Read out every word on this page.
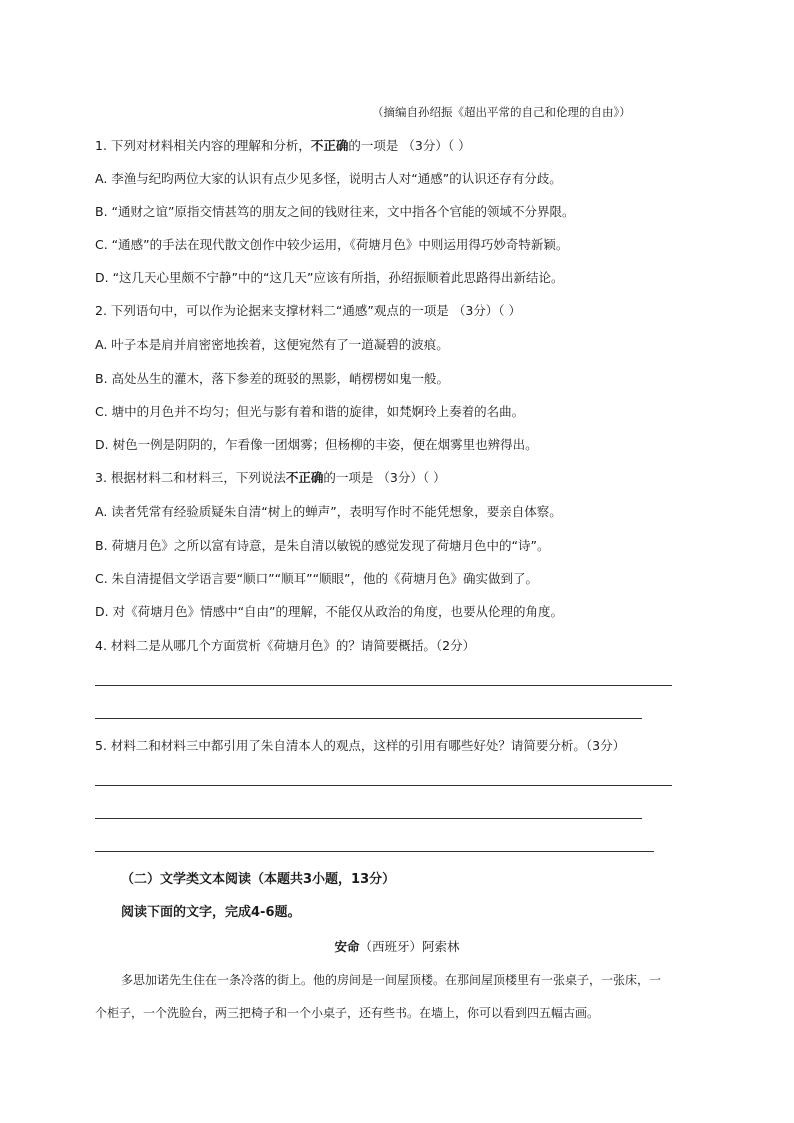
（摘编自孙绍振《超出平常的自己和伦理的自由》）
1. 下列对材料相关内容的理解和分析，不正确的一项是 （3分）（ ）
A. 李渔与纪昀两位大家的认识有点少见多怪，说明古人对“通感”的认识还存有分歧。
B. “通财之谊”原指交情甚笃的朋友之间的钱财往来，文中指各个官能的领域不分界限。
C. “通感”的手法在现代散文创作中较少运用，《荷塘月色》中则运用得巧妙奇特新颖。
D. “这几天心里颇不宁静”中的“这几天”应该有所指，孙绍振顺着此思路得出新结论。
2. 下列语句中，可以作为论据来支撑材料二“通感”观点的一项是 （3分）（ ）
A. 叶子本是肩并肩密密地挨着，这便宛然有了一道凝碧的波痕。
B. 高处丛生的灌木，落下参差的斑驳的黑影，峭楞楞如鬼一般。
C. 塘中的月色并不均匀；但光与影有着和谐的旋律，如梵婀玲上奏着的名曲。
D. 树色一例是阴阴的，乍看像一团烟雾；但杨柳的丰姿，便在烟雾里也辨得出。
3. 根据材料二和材料三，下列说法不正确的一项是 （3分）（ ）
A. 读者凭常有经验质疑朱自清“树上的蝉声”，表明写作时不能凭想象，要亲自体察。
B. 荷塘月色》之所以富有诗意，是朱自清以敏锐的感觉发现了荷塘月色中的“诗”。
C. 朱自清提倡文学语言要“顺口”“顺耳”“顺眼”，他的《荷塘月色》确实做到了。
D. 对《荷塘月色》情感中“自由”的理解，不能仅从政治的角度，也要从伦理的角度。
4. 材料二是从哪几个方面赏析《荷塘月色》的？请简要概括。（2分）
5. 材料二和材料三中都引用了朱自清本人的观点，这样的引用有哪些好处？请简要分析。（3分）
（二）文学类文本阅读（本题共3小题，13分）
阅读下面的文字，完成4-6题。
安命（西班牙）阿索林
多思加诺先生住在一条冷落的街上。他的房间是一间屋顶楼。在那间屋顶楼里有一张桌子，一张床，一
个柜子，一个洗脸台，两三把椅子和一个小桌子，还有些书。在墙上，你可以看到四五幅古画。
